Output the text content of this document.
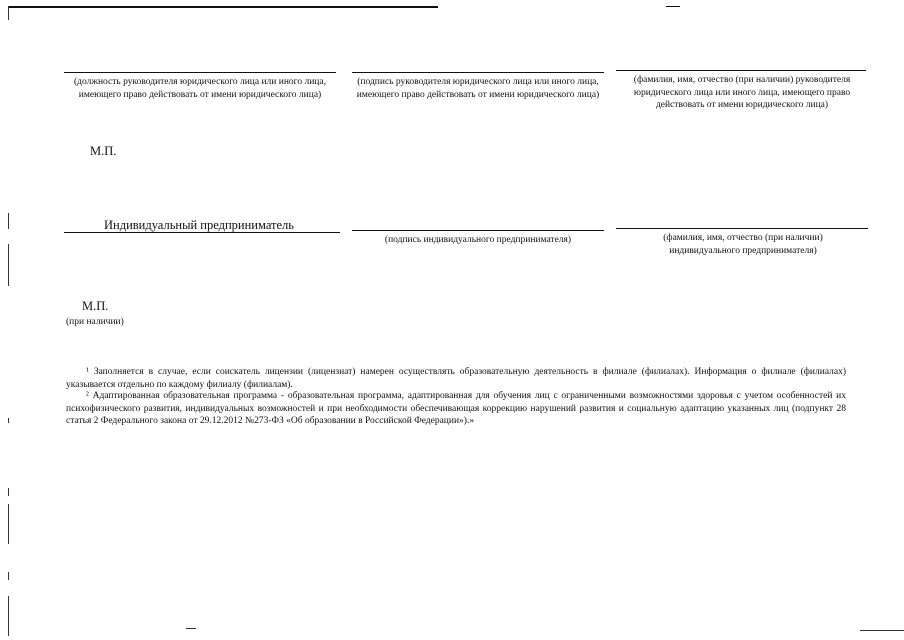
(должность руководителя юридического лица или иного лица, имеющего право действовать от имени юридического лица)
(подпись руководителя юридического лица или иного лица, имеющего право действовать от имени юридического лица)
(фамилия, имя, отчество (при наличии) руководителя юридического лица или иного лица, имеющего право действовать от имени юридического лица)
М.П.
Индивидуальный предприниматель
(подпись индивидуального предпринимателя)	(фамилия, имя, отчество (при наличии) индивидуального предпринимателя)
М.П.
(при наличии)
¹ Заполняется в случае, если соискатель лицензии (лицензиат) намерен осуществлять образовательную деятельность в филиале (филиалах). Информация о филиале (филиалах) указывается отдельно по каждому филиалу (филиалам).
² Адаптированная образовательная программа - образовательная программа, адаптированная для обучения лиц с ограниченными возможностями здоровья с учетом особенностей их психофизического развития, индивидуальных возможностей и при необходимости обеспечивающая коррекцию нарушений развития и социальную адаптацию указанных лиц (подпункт 28 статья 2 Федерального закона от 29.12.2012 №273-ФЗ «Об образовании в Российской Федерации»).»
